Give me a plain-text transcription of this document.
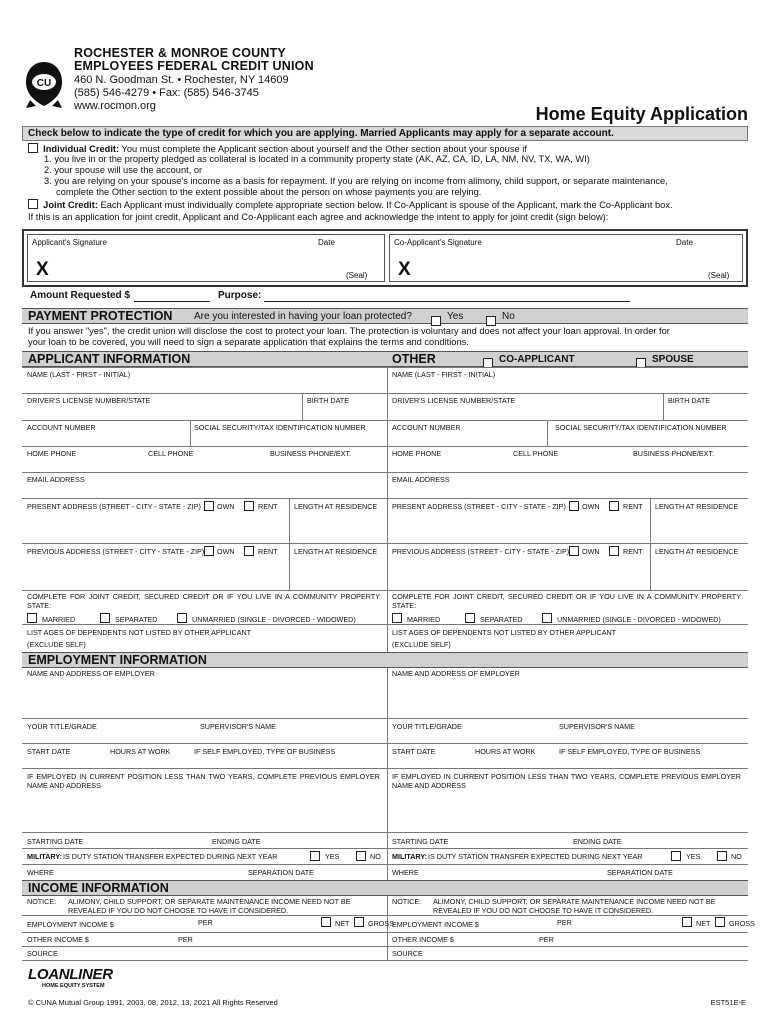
CU
ROCHESTER & MONROE COUNTY
EMPLOYEES FEDERAL CREDIT UNION
460 N. Goodman St. • Rochester, NY 14609
(585) 546-4279 • Fax: (585) 546-3745
www.rocmon.org	Home Equity Application
Check below to indicate the type of credit for which you are applying. Married Applicants may apply for a separate account.
Individual Credit: You must complete the Applicant section about yourself and the Other section about your spouse if
1. you live in or the property pledged as collateral is located in a community property state (AK, AZ, CA, ID, LA, NM, NV, TX, WA, WI)
2. your spouse will use the account, or
3. you are relying on your spouse's income as a basis for repayment. If you are relying on income from alimony, child support, or separate maintenance,
complete the Other section to the extent possible about the person on whose payments you are relying.
Joint Credit: Each Applicant must individually complete appropriate section below. If Co-Applicant is spouse of the Applicant, mark the Co-Applicant box.
If this is an application for joint credit, Applicant and Co-Applicant each agree and acknowledge the intent to apply for joint credit (sign below):
Applicant's Signature	Date
X	(Seal)
Co-Applicant's Signature	Date
X	(Seal)
Amount Requested $	Purpose:
PAYMENT PROTECTION Are you interested in having your loan protected?	Yes	No
If you answer "yes", the credit union will disclose the cost to protect your loan. The protection is voluntary and does not affect your loan approval. In order for
your loan to be covered, you will need to sign a separate application that explains the terms and conditions.
APPLICANT INFORMATION	OTHER	CO-APPLICANT	SPOUSE
NAME (LAST - FIRST - INITIAL)
DRIVER'S LICENSE NUMBER/STATE	BIRTH DATE
ACCOUNT NUMBER	SOCIAL SECURITY/TAX IDENTIFICATION NUMBER
HOME PHONE	CELL PHONE	BUSINESS PHONE/EXT.
EMAIL ADDRESS
PRESENT ADDRESS (STREET - CITY - STATE - ZIP) OWN	RENT LENGTH AT RESIDENCE
PREVIOUS ADDRESS (STREET - CITY - STATE - ZIP) OWN	RENT LENGTH AT RESIDENCE
COMPLETE FOR JOINT CREDIT, SECURED CREDIT OR IF YOU LIVE IN A COMMUNITY PROPERTY STATE:
MARRIED	SEPARATED	UNMARRIED (SINGLE - DIVORCED - WIDOWED)
LIST AGES OF DEPENDENTS NOT LISTED BY OTHER APPLICANT
(EXCLUDE SELF)
NAME AND ADDRESS OF EMPLOYER
YOUR TITLE/GRADE	SUPERVISOR'S NAME
START DATE	HOURS AT WORK	IF SELF EMPLOYED, TYPE OF BUSINESS
IF EMPLOYED IN CURRENT POSITION LESS THAN TWO YEARS, COMPLETE PREVIOUS EMPLOYER NAME AND ADDRESS
STARTING DATE	ENDING DATE
MILITARY: IS DUTY STATION TRANSFER EXPECTED DURING NEXT YEAR	YES	NO
WHERE	SEPARATION DATE
NOTICE: ALIMONY, CHILD SUPPORT, OR SEPARATE MAINTENANCE INCOME NEED NOT BE REVEALED IF YOU DO NOT CHOOSE TO HAVE IT CONSIDERED.
EMPLOYMENT INCOME $	PER	NET	GROSS
OTHER INCOME $	PER
SOURCE
NAME (LAST - FIRST - INITIAL)
DRIVER'S LICENSE NUMBER/STATE	BIRTH DATE
ACCOUNT NUMBER	SOCIAL SECURITY/TAX IDENTIFICATION NUMBER
HOME PHONE	CELL PHONE	BUSINESS PHONE/EXT.
EMAIL ADDRESS
PRESENT ADDRESS (STREET - CITY - STATE - ZIP) OWN	RENT LENGTH AT RESIDENCE
PREVIOUS ADDRESS (STREET - CITY - STATE - ZIP) OWN	RENT LENGTH AT RESIDENCE
COMPLETE FOR JOINT CREDIT, SECURED CREDIT OR IF YOU LIVE IN A COMMUNITY PROPERTY STATE:
MARRIED	SEPARATED	UNMARRIED (SINGLE - DIVORCED - WIDOWED)
LIST AGES OF DEPENDENTS NOT LISTED BY OTHER APPLICANT
(EXCLUDE SELF)
NAME AND ADDRESS OF EMPLOYER
YOUR TITLE/GRADE	SUPERVISOR'S NAME
START DATE	HOURS AT WORK	IF SELF EMPLOYED, TYPE OF BUSINESS
IF EMPLOYED IN CURRENT POSITION LESS THAN TWO YEARS, COMPLETE PREVIOUS EMPLOYER NAME AND ADDRESS
STARTING DATE	ENDING DATE
MILITARY: IS DUTY STATION TRANSFER EXPECTED DURING NEXT YEAR	YES	NO
WHERE	SEPARATION DATE
NOTICE: ALIMONY, CHILD SUPPORT, OR SEPARATE MAINTENANCE INCOME NEED NOT BE REVEALED IF YOU DO NOT CHOOSE TO HAVE IT CONSIDERED.
EMPLOYMENT INCOME $	PER	NET	GROSS
OTHER INCOME $	PER
SOURCE
EMPLOYMENT INFORMATION
INCOME INFORMATION
LOANLINER
HOME EQUITY SYSTEM
© CUNA Mutual Group 1991, 2003, 08, 2012, 13, 2021 All Rights Reserved	EST51E-E
